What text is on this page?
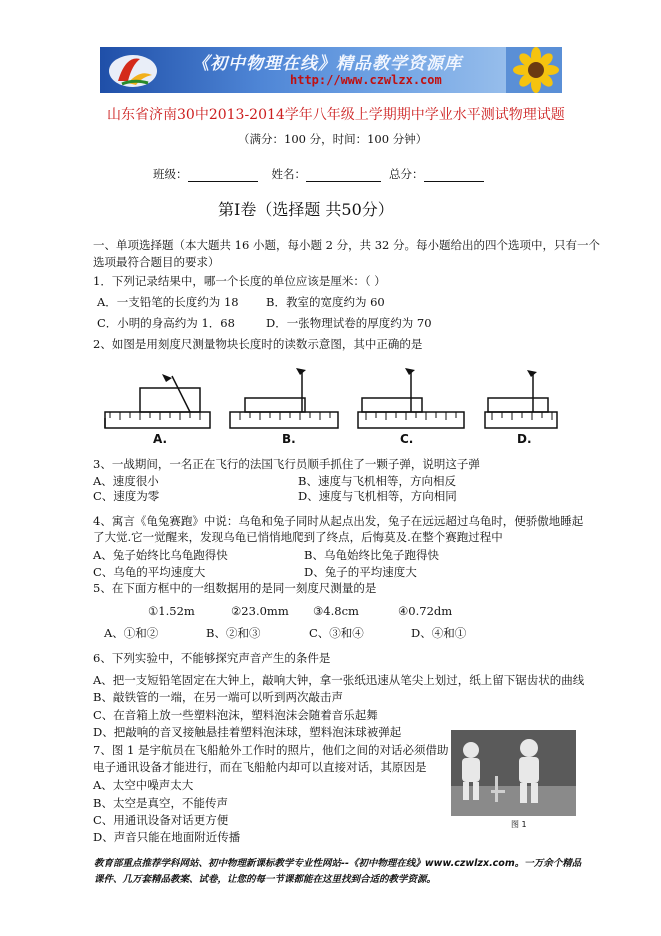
《初中物理在线》精品教学资源库
http://www.czwlzx.com
山东省济南30中2013-2014学年八年级上学期期中学业水平测试物理试题
（满分：100 分，时间：100 分钟）
班级：	姓名：	总分：
第Ⅰ卷（选择题 共50分）
一、单项选择题（本大题共 16 小题，每小题 2 分，共 32 分。每小题给出的四个选项中，只有一个
选项最符合题目的要求）
1．下列记录结果中，哪一个长度的单位应该是厘米：（ ）
A．一支铅笔的长度约为 18 B．教室的宽度约为 60
C．小明的身高约为 1．68	D．一张物理试卷的厚度约为 70
2、如图是用刻度尺测量物块长度时的读数示意图，其中正确的是
A.	B.	C.	D.
3、一战期间，一名正在飞行的法国飞行员顺手抓住了一颗子弹，说明这子弹
A、速度很小	B、速度与飞机相等，方向相反
C、速度为零	D、速度与飞机相等，方向相同
4、寓言《龟兔赛跑》中说：乌龟和兔子同时从起点出发，兔子在远远超过乌龟时，便骄傲地睡起
了大觉.它一觉醒来，发现乌龟已悄悄地爬到了终点，后悔莫及.在整个赛跑过程中
A、兔子始终比乌龟跑得快	B、乌龟始终比兔子跑得快
C、乌龟的平均速度大	D、兔子的平均速度大
5、在下面方框中的一组数据用的是同一刻度尺测量的是
①1.52m	②23.0mm ③4.8cm	④0.72dm
A、①和②	B、②和③	C、③和④	D、④和①
6、下列实验中，不能够探究声音产生的条件是
A、把一支短铅笔固定在大钟上，敲响大钟，拿一张纸迅速从笔尖上划过，纸上留下锯齿状的曲线
B、敲铁管的一端，在另一端可以听到两次敲击声
C、在音箱上放一些塑料泡沫，塑料泡沫会随着音乐起舞
D、把敲响的音叉接触悬挂着塑料泡沫球，塑料泡沫球被弹起
7、图 1 是宇航员在飞船舱外工作时的照片，他们之间的对话必须借助
电子通讯设备才能进行，而在飞船舱内却可以直接对话，其原因是
A、太空中噪声太大
B、太空是真空，不能传声
C、用通讯设备对话更方便
D、声音只能在地面附近传播
图 1
教育部重点推荐学科网站、初中物理新课标教学专业性网站--《初中物理在线》www.czwlzx.com。一万余个精品课件、几万套精品教案、试卷，让您的每一节课都能在这里找到合适的教学资源。
